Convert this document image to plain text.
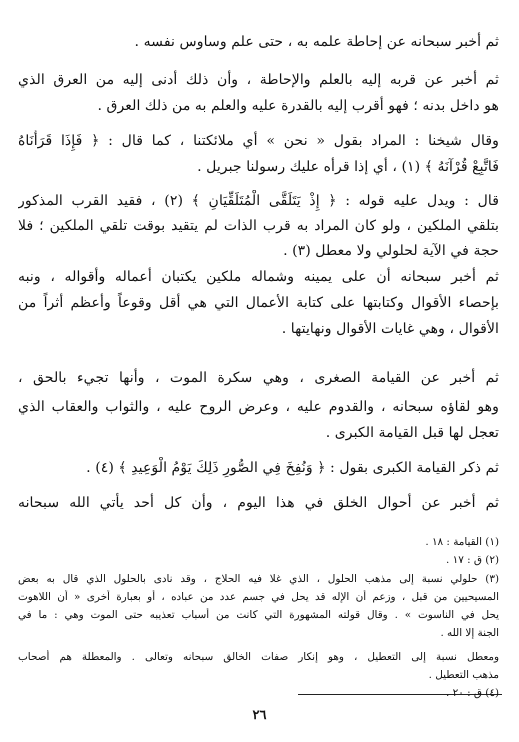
ثم أخبر سبحانه عن إحاطة علمه به ، حتى علم وساوس نفسه .
ثم أخبر عن قربه إليه بالعلم والإحاطة ، وأن ذلك أدنى إليه من العرق الذي
هو داخل بدنه ؛ فهو أقرب إليه بالقدرة عليه والعلم به من ذلك العرق .
وقال شيخنا : المراد بقول « نحن » أي ملائكتنا ، كما قال : ﴿ فَإِذَا قَرَأْنَاهُ
فَاتَّبِعْ قُرْآنَهُ ﴾ (١) ، أي إذا قرأه عليك رسولنا جبريل .
قال : ويدل عليه قوله : ﴿ إِذْ يَتَلَقَّى الْمُتَلَقِّيَانِ ﴾ (٢) ، فقيد القرب المذكور
بتلقي الملكين ، ولو كان المراد به قرب الذات لم يتقيد بوقت تلقي الملكين ؛ فلا
حجة في الآية لحلولي ولا معطل (٣) .
ثم أخبر سبحانه أن على يمينه وشماله ملكين يكتبان أعماله وأقواله ، ونبه
بإحصاء الأقوال وكتابتها على كتابة الأعمال التي هي أقل وقوعاً وأعظم أثراً من
الأقوال ، وهي غايات الأقوال ونهايتها .
ثم أخبر عن القيامة الصغرى ، وهي سكرة الموت ، وأنها تجيء بالحق ،
وهو لقاؤه سبحانه ، والقدوم عليه ، وعرض الروح عليه ، والثواب والعقاب الذي
تعجل لها قبل القيامة الكبرى .
ثم ذكر القيامة الكبرى بقول : ﴿ وَنُفِخَ فِي الصُّورِ ذَلِكَ يَوْمُ الْوَعِيدِ ﴾ (٤) .
ثم أخبر عن أحوال الخلق في هذا اليوم ، وأن كل أحد يأتي الله سبحانه
(١) القيامة : ١٨ .
(٢) ق : ١٧ .
(٣) حلولي نسبة إلى مذهب الحلول ، الذي غلا فيه الحلاج ، وقد نادى بالحلول الذي قال به بعض
المسيحيين من قبل ، وزعم أن الإله قد يحل في جسم عدد من عباده ، أو بعبارة أخرى « أن اللاهوت
يحل في الناسوت » . وقال قولته المشهورة التي كانت من أسباب تعذيبه حتى الموت وهي : ما في
الجنة إلا الله .
ومعطل نسبة إلى التعطيل ، وهو إنكار صفات الخالق سبحانه وتعالى . والمعطلة هم أصحاب
مذهب التعطيل .
(٤) ق : ٢٠ .
٢٦
